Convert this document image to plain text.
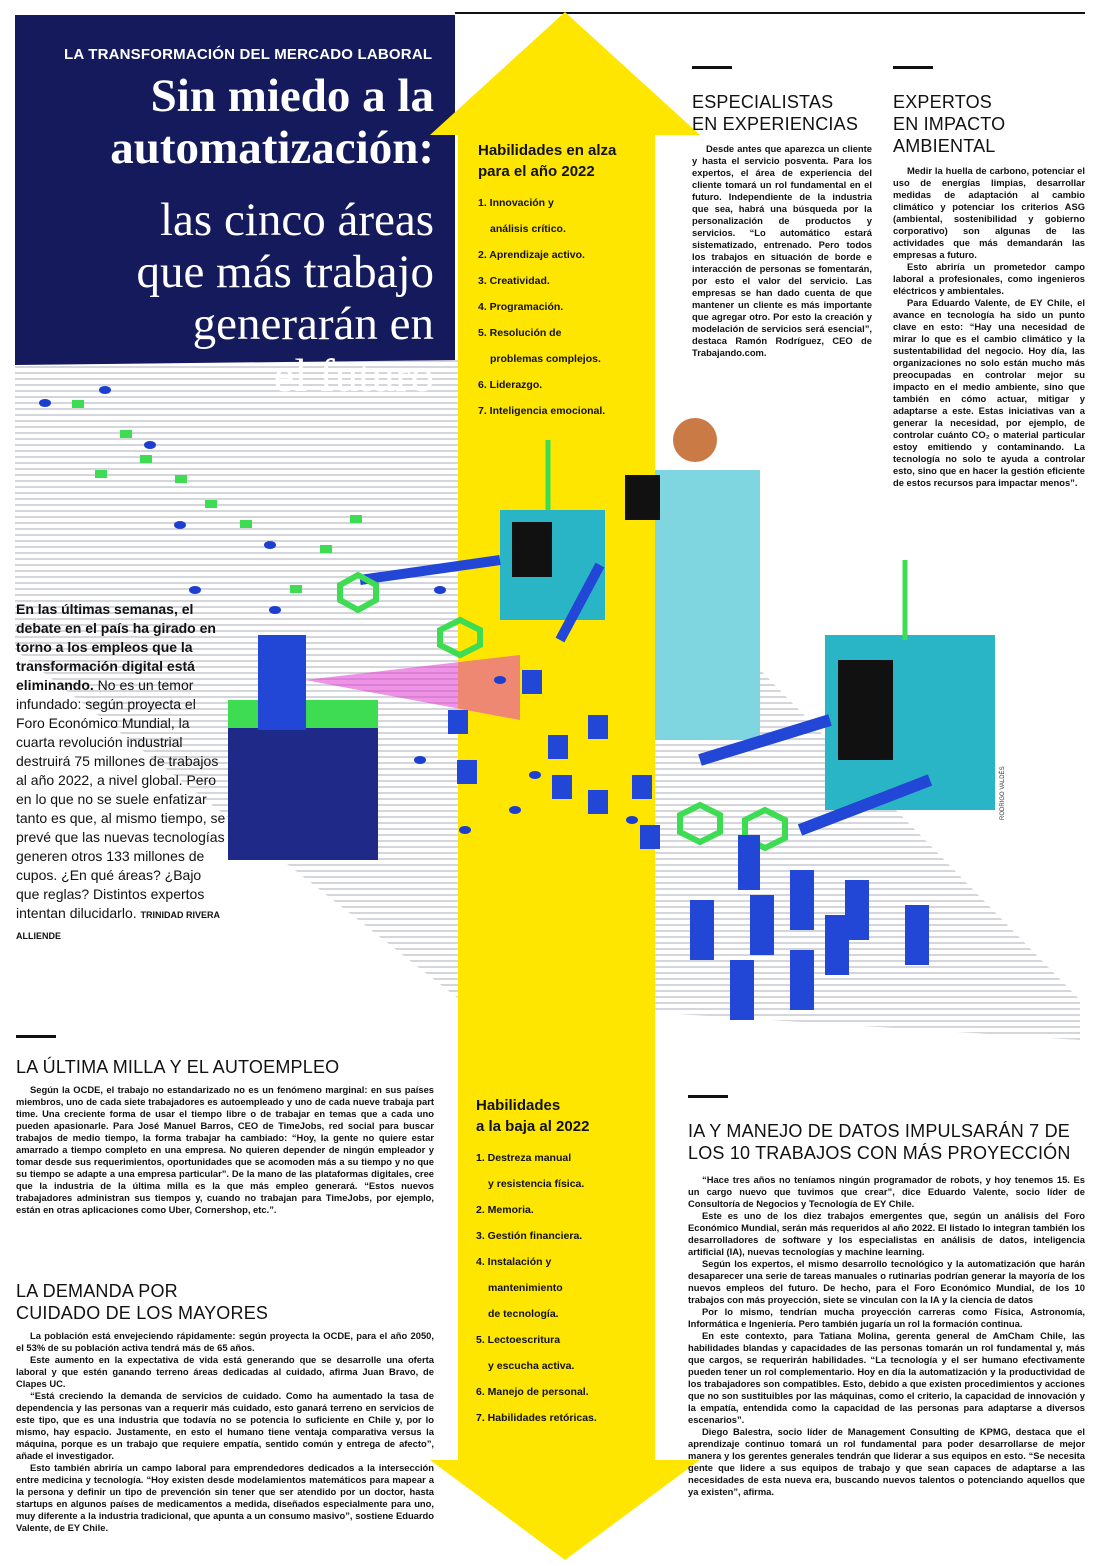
LA TRANSFORMACIÓN DEL MERCADO LABORAL
Sin miedo a la
automatización:
las cinco áreas
que más trabajo
generarán en
el futuro
Habilidades en alza
para el año 2022
1. Innovación y
análisis crítico.
2. Aprendizaje activo.
3. Creatividad.
4. Programación.
5. Resolución de
problemas complejos.
6. Liderazgo.
7. Inteligencia emocional.
ESPECIALISTAS
EN EXPERIENCIAS

Desde antes que aparezca un cliente y hasta el servicio posventa. Para los expertos, el área de experiencia del cliente tomará un rol fundamental en el futuro. Independiente de la industria que sea, habrá una búsqueda por la personalización de productos y servicios. “Lo automático estará sistematizado, entrenado. Pero todos los trabajos en situación de borde e interacción de personas se fomentarán, por esto el valor del servicio. Las empresas se han dado cuenta de que mantener un cliente es más importante que agregar otro. Por esto la creación y modelación de servicios será esencial”, destaca Ramón Rodríguez, CEO de Trabajando.com.

EXPERTOS
EN IMPACTO
AMBIENTAL

Medir la huella de carbono, potenciar el uso de energías limpias, desarrollar medidas de adaptación al cambio climático y potenciar los criterios ASG (ambiental, sostenibilidad y gobierno corporativo) son algunas de las actividades que más demandarán las empresas a futuro.

Esto abriría un prometedor campo laboral a profesionales, como ingenieros eléctricos y ambientales.

Para Eduardo Valente, de EY Chile, el avance en tecnología ha sido un punto clave en esto: “Hay una necesidad de mirar lo que es el cambio climático y la sustentabilidad del negocio. Hoy día, las organizaciones no solo están mucho más preocupadas en controlar mejor su impacto en el medio ambiente, sino que también en cómo actuar, mitigar y adaptarse a este. Estas iniciativas van a generar la necesidad, por ejemplo, de controlar cuánto CO₂ o material particular estoy emitiendo y contaminando. La tecnología no solo te ayuda a controlar esto, sino que en hacer la gestión eficiente de estos recursos para impactar menos”.

En las últimas semanas, el debate en el país ha girado en torno a los empleos que la transformación digital está eliminando. No es un temor infundado: según proyecta el Foro Económico Mundial, la cuarta revolución industrial destruirá 75 millones de trabajos al año 2022, a nivel global. Pero en lo que no se suele enfatizar tanto es que, al mismo tiempo, se prevé que las nuevas tecnologías generen otros 133 millones de cupos. ¿En qué áreas? ¿Bajo que reglas? Distintos expertos intentan dilucidarlo. TRINIDAD RIVERA ALLIENDE
RODRIGO VALDÉS
LA ÚLTIMA MILLA Y EL AUTOEMPLEO

Según la OCDE, el trabajo no estandarizado no es un fenómeno marginal: en sus países miembros, uno de cada siete trabajadores es autoempleado y uno de cada nueve trabaja part time. Una creciente forma de usar el tiempo libre o de trabajar en temas que a cada uno pueden apasionarle. Para José Manuel Barros, CEO de TimeJobs, red social para buscar trabajos de medio tiempo, la forma trabajar ha cambiado: “Hoy, la gente no quiere estar amarrado a tiempo completo en una empresa. No quieren depender de ningún empleador y tomar desde sus requerimientos, oportunidades que se acomoden más a su tiempo y no que su tiempo se adapte a una empresa particular”. De la mano de las plataformas digitales, cree que la industria de la última milla es la que más empleo generará. “Estos nuevos trabajadores administran sus tiempos y, cuando no trabajan para TimeJobs, por ejemplo, están en otras aplicaciones como Uber, Cornershop, etc.”.

LA DEMANDA POR
CUIDADO DE LOS MAYORES

La población está envejeciendo rápidamente: según proyecta la OCDE, para el año 2050, el 53% de su población activa tendrá más de 65 años.

Este aumento en la expectativa de vida está generando que se desarrolle una oferta laboral y que estén ganando terreno áreas dedicadas al cuidado, afirma Juan Bravo, de Clapes UC.

“Está creciendo la demanda de servicios de cuidado. Como ha aumentado la tasa de dependencia y las personas van a requerir más cuidado, esto ganará terreno en servicios de este tipo, que es una industria que todavía no se potencia lo suficiente en Chile y, por lo mismo, hay espacio. Justamente, en esto el humano tiene ventaja comparativa versus la máquina, porque es un trabajo que requiere empatía, sentido común y entrega de afecto”, añade el investigador.

Esto también abriría un campo laboral para emprendedores dedicados a la intersección entre medicina y tecnología. “Hoy existen desde modelamientos matemáticos para mapear a la persona y definir un tipo de prevención sin tener que ser atendido por un doctor, hasta startups en algunos países de medicamentos a medida, diseñados especialmente para uno, muy diferente a la industria tradicional, que apunta a un consumo masivo”, sostiene Eduardo Valente, de EY Chile.

Habilidades
a la baja al 2022
1. Destreza manual
y resistencia física.
2. Memoria.
3. Gestión financiera.
4. Instalación y
mantenimiento
de tecnología.
5. Lectoescritura
y escucha activa.
6. Manejo de personal.
7. Habilidades retóricas.
IA Y MANEJO DE DATOS IMPULSARÁN 7 DE
LOS 10 TRABAJOS CON MÁS PROYECCIÓN

“Hace tres años no teníamos ningún programador de robots, y hoy tenemos 15. Es un cargo nuevo que tuvimos que crear”, dice Eduardo Valente, socio líder de Consultoría de Negocios y Tecnología de EY Chile.

Este es uno de los diez trabajos emergentes que, según un análisis del Foro Económico Mundial, serán más requeridos al año 2022. El listado lo integran también los desarrolladores de software y los especialistas en análisis de datos, inteligencia artificial (IA), nuevas tecnologías y machine learning.

Según los expertos, el mismo desarrollo tecnológico y la automatización que harán desaparecer una serie de tareas manuales o rutinarias podrían generar la mayoría de los nuevos empleos del futuro. De hecho, para el Foro Económico Mundial, de los 10 trabajos con más proyección, siete se vinculan con la IA y la ciencia de datos

Por lo mismo, tendrían mucha proyección carreras como Física, Astronomía, Informática e Ingeniería. Pero también jugaría un rol la formación continua.

En este contexto, para Tatiana Molina, gerenta general de AmCham Chile, las habilidades blandas y capacidades de las personas tomarán un rol fundamental y, más que cargos, se requerirán habilidades. “La tecnología y el ser humano efectivamente pueden tener un rol complementario. Hoy en día la automatización y la productividad de los trabajadores son compatibles. Esto, debido a que existen procedimientos y acciones que no son sustituibles por las máquinas, como el criterio, la capacidad de innovación y la empatía, entendida como la capacidad de las personas para adaptarse a diversos escenarios”.

Diego Balestra, socio líder de Management Consulting de KPMG, destaca que el aprendizaje continuo tomará un rol fundamental para poder desarrollarse de mejor manera y los gerentes generales tendrán que liderar a sus equipos en esto. “Se necesita gente que lidere a sus equipos de trabajo y que sean capaces de adaptarse a las necesidades de esta nueva era, buscando nuevos talentos o potenciando aquellos que ya existen”, afirma.
